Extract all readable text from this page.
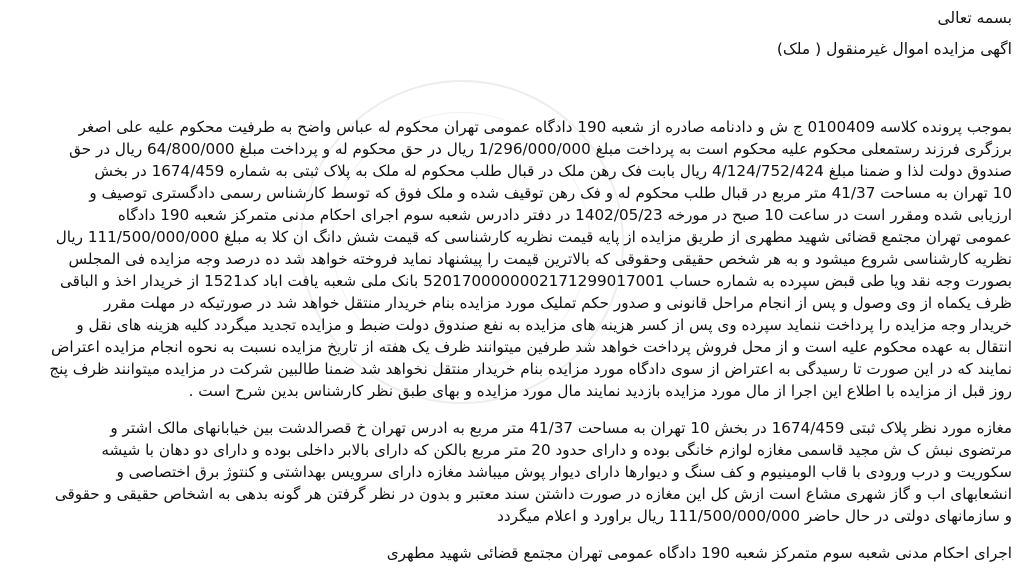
بسمه تعالی
اگهی مزایده اموال غیرمنقول ( ملک)
بموجب پرونده کلاسه 0100409 ج ش و دادنامه صادره از شعبه 190 دادگاه عمومی تهران محکوم له عباس واضح به طرفیت محکوم علیه علی اصغر
برزگری فرزند رستمعلی محکوم علیه محکوم است به پرداخت مبلغ 1/296/000/000 ریال در حق محکوم له و پرداخت مبلغ 64/800/000 ریال در حق
صندوق دولت لذا و ضمنا مبلغ 4/124/752/424 ریال بابت فک رهن ملک در قبال طلب محکوم له ملک به پلاک ثبتی به شماره 1674/459 در بخش
10 تهران به مساحت 41/37 متر مربع در قبال طلب محکوم له و فک رهن توقیف شده و ملک فوق که توسط کارشناس رسمی دادگستری توصیف و
ارزیابی شده ومقرر است در ساعت 10 صبح در مورخه 1402/05/23 در دفتر دادرس شعبه سوم اجرای احکام مدنی متمرکز شعبه 190 دادگاه
عمومی تهران مجتمع قضائی شهید مطهری از طریق مزایده از پایه قیمت نظریه کارشناسی که قیمت شش دانگ ان کلا به مبلغ 111/500/000/000 ریال
نظریه کارشناسی شروع میشود و به هر شخص حقیقی وحقوقی که بالاترین قیمت را پیشنهاد نماید فروخته خواهد شد ده درصد وجه مزایده فی المجلس
بصورت وجه نقد ویا طی قبض سپرده به شماره حساب 5201700000002171299017001 بانک ملی شعبه یافت اباد کد1521 از خریدار اخذ و الباقی
ظرف یکماه از وی وصول و پس از انجام مراحل قانونی و صدور حکم تملیک مورد مزایده بنام خریدار منتقل خواهد شد در صورتیکه در مهلت مقرر
خریدار وجه مزایده را پرداخت ننماید سپرده وی پس از کسر هزینه های مزایده به نفع صندوق دولت ضبط و مزایده تجدید میگردد کلیه هزینه های نقل و
انتقال به عهده محکوم علیه است و از محل فروش پرداخت خواهد شد طرفین میتوانند ظرف یک هفته از تاریخ مزایده نسبت به نحوه انجام مزایده اعتراض
نمایند که در این صورت تا رسیدگی به اعتراض از سوی دادگاه مورد مزایده بنام خریدار منتقل نخواهد شد ضمنا طالبین شرکت در مزایده میتوانند ظرف پنج
روز قبل از مزایده با اطلاع این اجرا از مال مورد مزایده بازدید نمایند مال مورد مزایده و بهای طبق نظر کارشناس بدین شرح است .
مغازه مورد نظر پلاک ثبتی 1674/459 در بخش 10 تهران به مساحت 41/37 متر مربع به ادرس تهران خ قصرالدشت بین خیابانهای مالک اشتر و
مرتضوی نبش ک ش مجید قاسمی مغازه لوازم خانگی بوده و دارای حدود 20 متر مربع بالکن که دارای بالابر داخلی بوده و دارای دو دهان با شیشه
سکوریت و درب ورودی با قاب الومینیوم و کف سنگ و دیوارها دارای دیوار پوش میباشد مغازه دارای سرویس بهداشتی و کنتوژ برق اختصاصی و
انشعابهای اب و گاز شهری مشاع است ازش کل این مغازه در صورت داشتن سند معتبر و بدون در نظر گرفتن هر گونه بدهی به اشخاص حقیقی و حقوقی
و سازمانهای دولتی در حال حاضر 111/500/000/000 ریال براورد و اعلام میگردد
اجرای احکام مدنی شعبه سوم متمرکز شعبه 190 دادگاه عمومی تهران مجتمع قضائی شهید مطهری
